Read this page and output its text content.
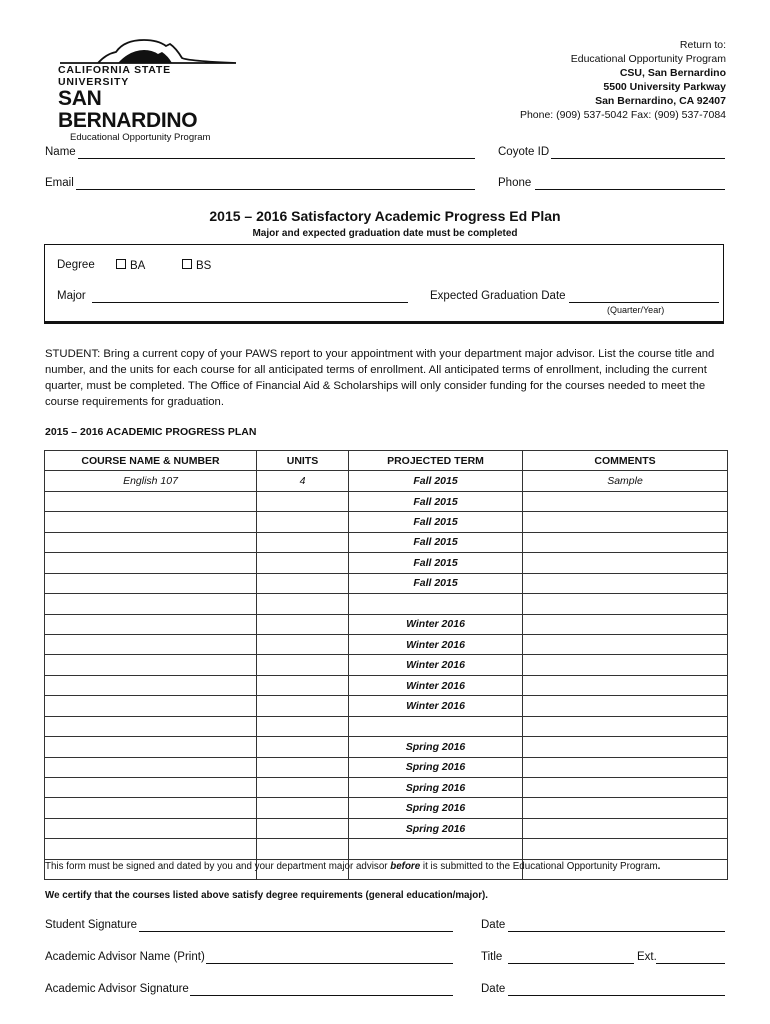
CALIFORNIA STATE UNIVERSITY
SAN BERNARDINO
Educational Opportunity Program
Return to:
Educational Opportunity Program
CSU, San Bernardino
5500 University Parkway
San Bernardino, CA 92407
Phone: (909) 537-5042 Fax: (909) 537-7084
Name	Coyote ID
Email	Phone
2015 – 2016 Satisfactory Academic Progress Ed Plan
Major and expected graduation date must be completed
Degree	BA	BS
Major	Expected Graduation Date
(Quarter/Year)
STUDENT: Bring a current copy of your PAWS report to your appointment with your department major advisor. List the course title and number, and the units for each course for all anticipated terms of enrollment. All anticipated terms of enrollment, including the current quarter, must be completed. The Office of Financial Aid & Scholarships will only consider funding for the courses needed to meet the course requirements for graduation.
2015 – 2016 ACADEMIC PROGRESS PLAN
COURSE NAME & NUMBER	UNITS	PROJECTED TERM	COMMENTS
English 107	4	Fall 2015	Sample
		Fall 2015	
		Fall 2015	
		Fall 2015	
		Fall 2015	
		Fall 2015	

		Winter 2016	
		Winter 2016	
		Winter 2016	
		Winter 2016	
		Winter 2016	

		Spring 2016	
		Spring 2016	
		Spring 2016	
		Spring 2016	
		Spring 2016	

This form must be signed and dated by you and your department major advisor before it is submitted to the Educational Opportunity Program.
We certify that the courses listed above satisfy degree requirements (general education/major).
Student Signature	Date
Academic Advisor Name (Print)	Title	Ext.
Academic Advisor Signature	Date
